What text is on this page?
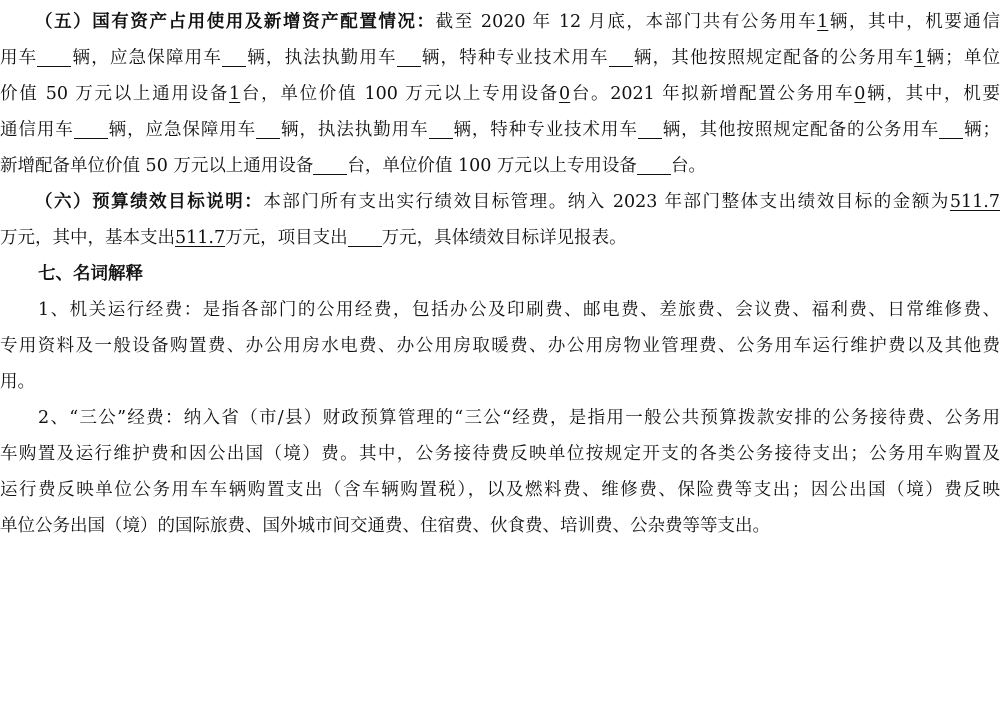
（五）国有资产占用使用及新增资产配置情况：截至 2020 年 12 月底，本部门共有公务用车1辆，其中，机要通信
用车 辆，应急保障用车 辆，执法执勤用车 辆，特种专业技术用车 辆，其他按照规定配备的公务用车1辆；单位
价值 50 万元以上通用设备1台，单位价值 100 万元以上专用设备0台。2021 年拟新增配置公务用车0辆，其中，机要
通信用车 辆，应急保障用车 辆，执法执勤用车 辆，特种专业技术用车 辆，其他按照规定配备的公务用车 辆；
新增配备单位价值 50 万元以上通用设备 台，单位价值 100 万元以上专用设备 台。
（六）预算绩效目标说明：本部门所有支出实行绩效目标管理。纳入 2023 年部门整体支出绩效目标的金额为511.7
万元，其中，基本支出511.7万元，项目支出 万元，具体绩效目标详见报表。
七、名词解释
1、机关运行经费：是指各部门的公用经费，包括办公及印刷费、邮电费、差旅费、会议费、福利费、日常维修费、
专用资料及一般设备购置费、办公用房水电费、办公用房取暖费、办公用房物业管理费、公务用车运行维护费以及其他费
用。
2、“三公”经费：纳入省（市/县）财政预算管理的“三公“经费，是指用一般公共预算拨款安排的公务接待费、公务用
车购置及运行维护费和因公出国（境）费。其中，公务接待费反映单位按规定开支的各类公务接待支出；公务用车购置及
运行费反映单位公务用车车辆购置支出（含车辆购置税），以及燃料费、维修费、保险费等支出；因公出国（境）费反映
单位公务出国（境）的国际旅费、国外城市间交通费、住宿费、伙食费、培训费、公杂费等等支出。
